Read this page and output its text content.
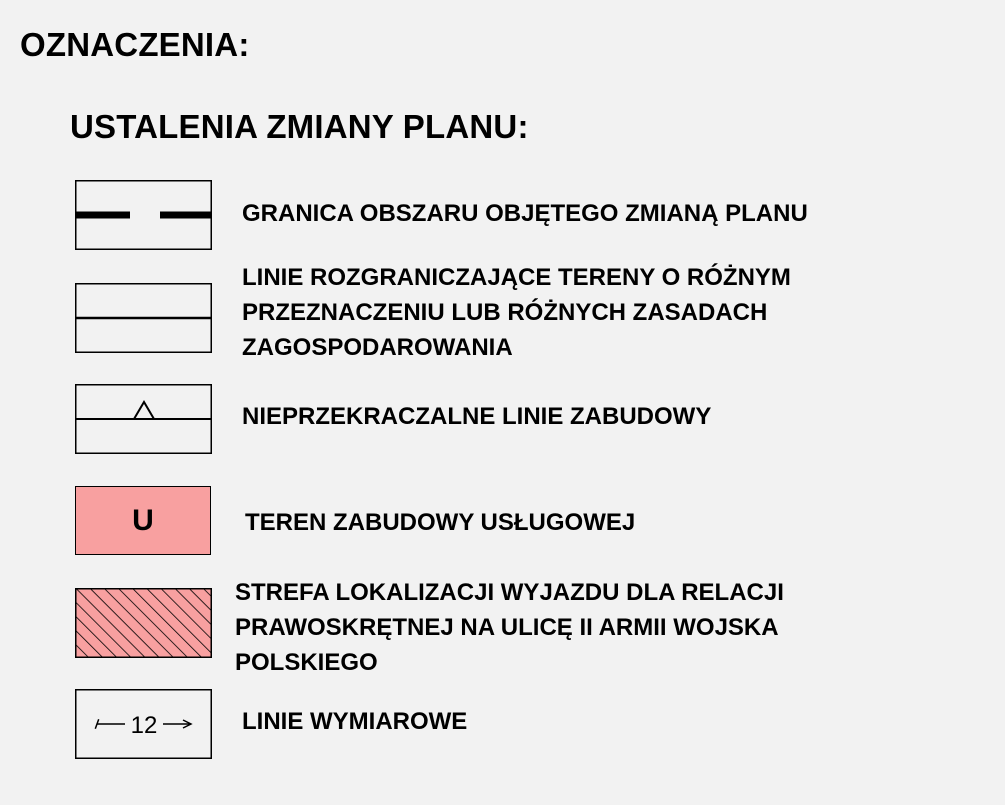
OZNACZENIA:
USTALENIA ZMIANY PLANU:
GRANICA OBSZARU OBJĘTEGO ZMIANĄ PLANU
LINIE ROZGRANICZAJĄCE TERENY O RÓŻNYM
PRZEZNACZENIU LUB RÓŻNYCH ZASADACH
ZAGOSPODAROWANIA
NIEPRZEKRACZALNE LINIE ZABUDOWY
U	TEREN ZABUDOWY USŁUGOWEJ
STREFA LOKALIZACJI WYJAZDU DLA RELACJI
PRAWOSKRĘTNEJ NA ULICĘ II ARMII WOJSKA
POLSKIEGO
12	LINIE WYMIAROWE
